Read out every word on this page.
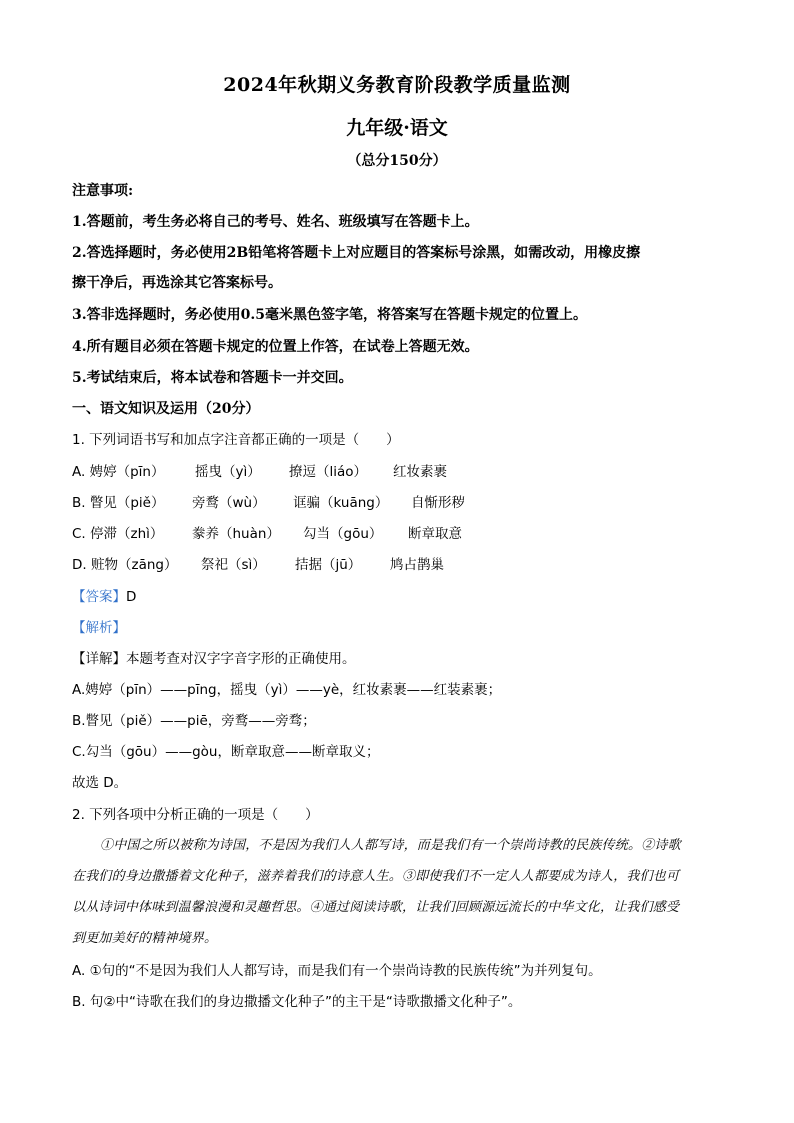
2024年秋期义务教育阶段教学质量监测
九年级·语文
（总分150分）
注意事项:
1.答题前，考生务必将自己的考号、姓名、班级填写在答题卡上。
2.答选择题时，务必使用2B铅笔将答题卡上对应题目的答案标号涂黑，如需改动，用橡皮擦
擦干净后，再选涂其它答案标号。
3.答非选择题时，务必使用0.5毫米黑色签字笔，将答案写在答题卡规定的位置上。
4.所有题目必须在答题卡规定的位置上作答，在试卷上答题无效。
5.考试结束后，将本试卷和答题卡一并交回。
一、语文知识及运用（20分）
1. 下列词语书写和加点字注音都正确的一项是（　　）
A. 娉婷（pīn） 摇曳（yì） 撩逗（liáo） 红妆素裹
B. 瞥见（piě） 旁鹜（wù） 诓骗（kuāng） 自惭形秽
C. 停滞（zhì） 豢养（huàn） 勾当（gōu） 断章取意
D. 赃物（zāng） 祭祀（sì） 拮据（jū） 鸠占鹊巢
【答案】D
【解析】
【详解】本题考查对汉字字音字形的正确使用。
A.娉婷（pīn）——pīng，摇曳（yì）——yè，红妆素裹——红装素裹；
B.瞥见（piě）——piē，旁鹜——旁骛；
C.勾当（gōu）——gòu，断章取意——断章取义；
故选 D。
2. 下列各项中分析正确的一项是（　　）
①中国之所以被称为诗国，不是因为我们人人都写诗，而是我们有一个崇尚诗教的民族传统。②诗歌
在我们的身边撒播着文化种子，滋养着我们的诗意人生。③即使我们不一定人人都要成为诗人，我们也可
以从诗词中体味到温馨浪漫和灵趣哲思。④通过阅读诗歌，让我们回顾源远流长的中华文化，让我们感受
到更加美好的精神境界。
A. ①句的“不是因为我们人人都写诗，而是我们有一个崇尚诗教的民族传统”为并列复句。
B. 句②中“诗歌在我们的身边撒播文化种子”的主干是“诗歌撒播文化种子”。
